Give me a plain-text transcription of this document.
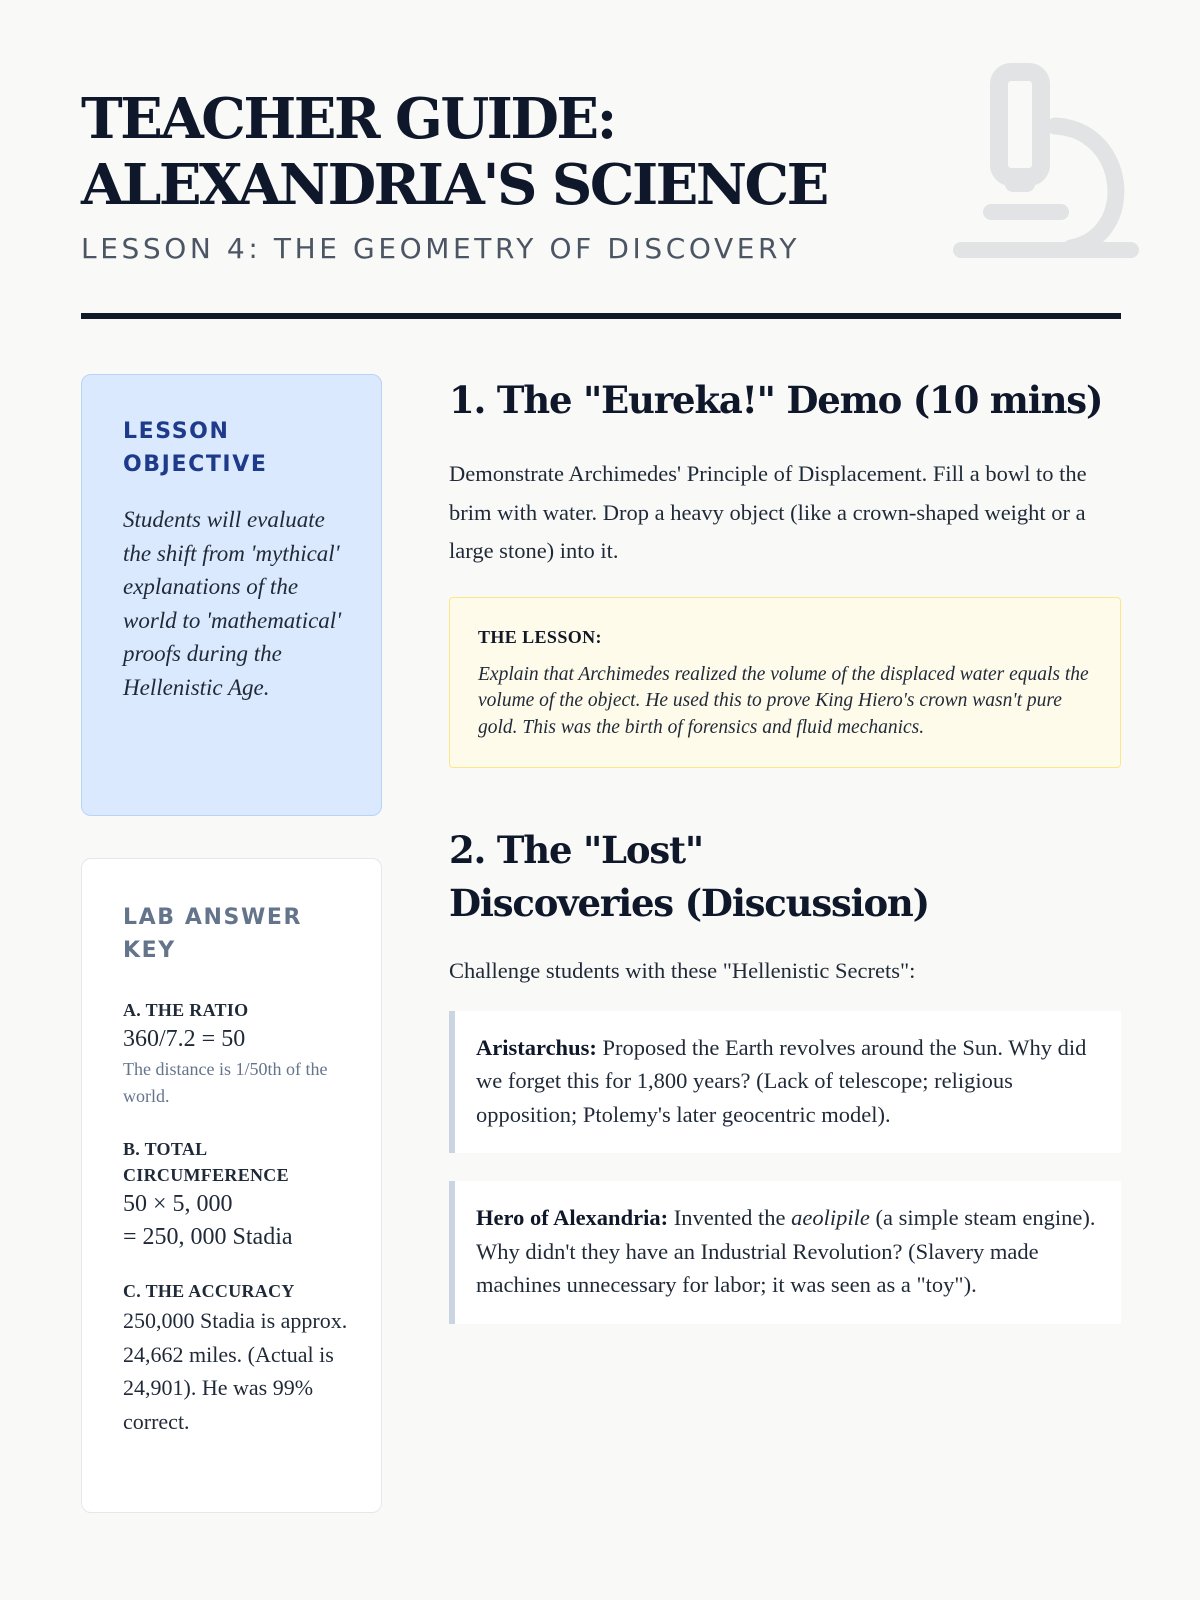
TEACHER GUIDE: ALEXANDRIA'S SCIENCE
LESSON 4: THE GEOMETRY OF DISCOVERY
LESSON OBJECTIVE

Students will evaluate the shift from 'mythical' explanations of the world to 'mathematical' proofs during the Hellenistic Age.

LAB ANSWER KEY
A. THE RATIO
360/7.2 = 50
The distance is 1/50th of the world.
B. TOTAL CIRCUMFERENCE
50 × 5, 000
= 250, 000 Stadia
C. THE ACCURACY
250,000 Stadia is approx. 24,662 miles. (Actual is 24,901). He was 99% correct.
1. The "Eureka!" Demo (10 mins)

Demonstrate Archimedes' Principle of Displacement. Fill a bowl to the brim with water. Drop a heavy object (like a crown-shaped weight or a large stone) into it.

THE LESSON:

Explain that Archimedes realized the volume of the displaced water equals the volume of the object. He used this to prove King Hiero's crown wasn't pure gold. This was the birth of forensics and fluid mechanics.

2. The "Lost" Discoveries (Discussion)

Challenge students with these "Hellenistic Secrets":

Aristarchus: Proposed the Earth revolves around the Sun. Why did we forget this for 1,800 years? (Lack of telescope; religious opposition; Ptolemy's later geocentric model).
Hero of Alexandria: Invented the aeolipile (a simple steam engine). Why didn't they have an Industrial Revolution? (Slavery made machines unnecessary for labor; it was seen as a "toy").
